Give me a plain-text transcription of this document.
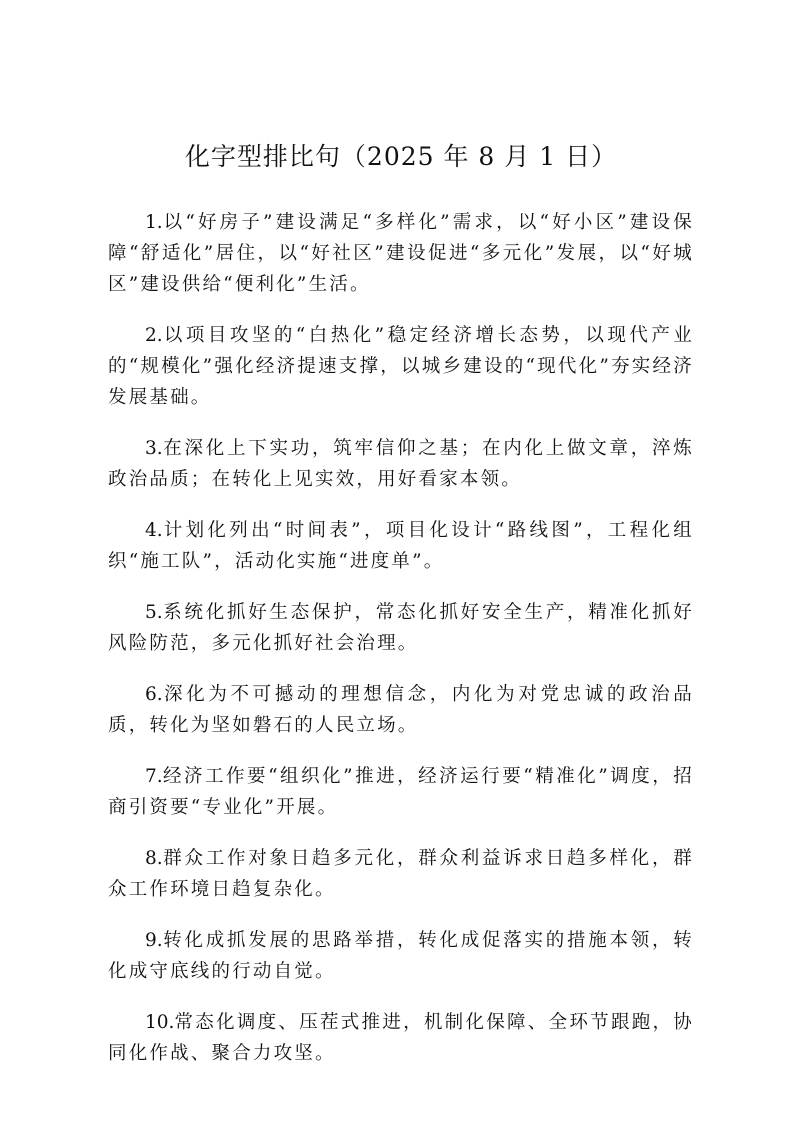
化字型排比句（2025 年 8 月 1 日）

1.以“好房子”建设满足“多样化”需求，以“好小区”建设保障“舒适化”居住，以“好社区”建设促进“多元化”发展，以“好城区”建设供给“便利化”生活。

2.以项目攻坚的“白热化”稳定经济增长态势，以现代产业的“规模化”强化经济提速支撑，以城乡建设的“现代化”夯实经济发展基础。

3.在深化上下实功，筑牢信仰之基；在内化上做文章，淬炼政治品质；在转化上见实效，用好看家本领。

4.计划化列出“时间表”，项目化设计“路线图”，工程化组织“施工队”，活动化实施“进度单”。

5.系统化抓好生态保护，常态化抓好安全生产，精准化抓好风险防范，多元化抓好社会治理。

6.深化为不可撼动的理想信念，内化为对党忠诚的政治品质，转化为坚如磐石的人民立场。

7.经济工作要“组织化”推进，经济运行要“精准化”调度，招商引资要“专业化”开展。

8.群众工作对象日趋多元化，群众利益诉求日趋多样化，群众工作环境日趋复杂化。

9.转化成抓发展的思路举措，转化成促落实的措施本领，转化成守底线的行动自觉。

10.常态化调度、压茬式推进，机制化保障、全环节跟跑，协同化作战、聚合力攻坚。
